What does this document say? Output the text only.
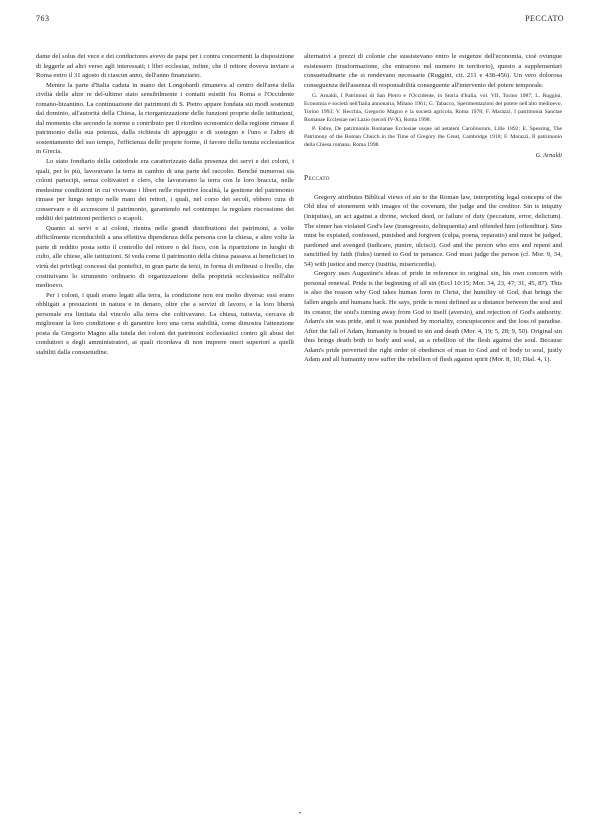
763	PECCATO

dame del solus dei vece e dei conductores avevo de papa per i contra concernenti la disposizione di leggerle ad altri verso agli interessati; i libri ecclesiae, infine, che il rettore doveva inviare a Roma entro il 31 agosto di ciascun anno, dell'anno finanziario.

Mentre la parte d'Italia caduta in mano dei Longobardi rimaneva al centro dell'area della civiltà delle altre re del-ultimo stato sensibilmente i contatti esistiti fra Roma e l'Occidente romano-bizantino. La continuazione dei patrimoni di S. Pietro appare fondata sui modi sostenuti dal dominio, all'autorità della Chiesa, la riorganizzazione delle funzioni proprie delle istituzioni, dal momento che secondo le norme e contributo per il riordino economico della regione rimase il patrimonio della sua potenza, dalla richiesta di appoggio e di sostegno e l'uno e l'altro di sostentamento del suo tempo, l'efficienza delle proprie forme, il favore della tenuta ecclesiastica in Grecia.

Lo stato fondiario della cattedrale era caratterizzato dalla presenza dei servi e dei coloni, i quali, per lo più, lavoravano la terra in cambio di una parte del raccolto. Benché numerosi sia coloni partecipi, senza coltivatori e clero, che lavoravano la terra con le loro braccia, nelle medesime condizioni in cui vivevano i liberi nelle rispettive località, la gestione del patrimonio rimase per lungo tempo nelle mani dei rettori, i quali, nel corso dei secoli, ebbero cura di conservare e di accrescere il patrimonio, garantendo nel contempo la regolare riscossione dei redditi dei patrimoni periferici o scapoli.

Quanto ai servi e ai coloni, rientra nelle grandi distribuzioni dei patrimoni, a volte difficilmente riconducibili a una effettiva dipendenza della persona con la chiesa, e altre volte la parte di reddito posta sotto il controllo del rettore o del fisco, con la ripartizione in luoghi di culto, alle chiese, alle istituzioni. Si veda come il patrimonio della chiesa passava ai beneficiari in virtù dei privilegi concessi dai pontefici, in gran parte da terzi, in forma di enfiteusi o livello, che costituivano lo strumento ordinario di organizzazione della proprietà ecclesiastica nell'alto medioevo.

Per i coloni, i quali erano legati alla terra, la condizione non era molto diversa: essi erano obbligati a prestazioni in natura e in denaro, oltre che a servizi di lavoro, e la loro libertà personale era limitata dal vincolo alla terra che coltivavano. La chiesa, tuttavia, cercava di migliorare la loro condizione e di garantire loro una certa stabilità, come dimostra l'attenzione posta da Gregorio Magno alla tutela dei coloni dei patrimoni ecclesiastici contro gli abusi dei conduttori e degli amministratori, ai quali ricordava di non imporre oneri superiori a quelli stabiliti dalla consuetudine.

alternativi a prezzi di colonie che sussistevano entro le esigenze dell'economia, cioè ovunque esistessero (trasformazione, che entrarono nel numero in territorio), questo a supplementari consuetudinarie che si rendevano necessarie (Ruggini, cit. 211 e 438-456). Un vero dolorosa conseguenza dell'assenza di responsabilità conseguente all'intervento del potere temporale.

G. Arnaldi, I Patrimoni di San Pietro e l'Occidente, in Storia d'Italia, vol. VII, Torino 1987; L. Ruggini, Economia e società nell'Italia annonaria, Milano 1961; G. Tabacco, Sperimentazioni del potere nell'alto medioevo, Torino 1993; V. Recchia, Gregorio Magno e la società agricola, Roma 1978; F. Marazzi, I patrimonia Sanctae Romanae Ecclesiae nel Lazio (secoli IV-X), Roma 1998.

P. Fabre, De patrimoniis Romanae Ecclesiae usque ad aetatem Carolinorum, Lille 1892; E. Spearing, The Patrimony of the Roman Church in the Time of Gregory the Great, Cambridge 1918; F. Marazzi, Il patrimonio della Chiesa romana, Roma 1998.

G. Arnaldi
Peccato

Gregory attributes Biblical views of sin to the Roman law, interpreting legal concepts of the Old idea of atonement with images of the covenant, the judge and the creditor. Sin is iniquity (iniquitas), an act against a divine, wicked deed, or failure of duty (peccatum, error, delictum). The sinner has violated God's law (transgressio, delinquentia) and offended him (offenditur). Sins must be expiated, confessed, punished and forgiven (culpa, poena, reparatio) and must be judged, pardoned and avenged (iudicare, punire, ulcisci). God and the person who errs and repent and sanctified by faith (fides) turned to God in penance. God must judge the person (cf. Mor. 9, 34, 54) with justice and mercy (iustitia, misericordia).

Gregory uses Augustine's ideas of pride in reference to original sin, his own concern with personal renewal. Pride is the beginning of all sin (Eccl 10:15; Mor. 34, 23, 47; 31, 45, 87). This is also the reason why God takes human form in Christ, the humility of God, that brings the fallen angels and humans back. He says, pride is most defined as a distance between the soul and its creator, the soul's turning away from God to itself (aversio), and rejection of God's authority. Adam's sin was pride, and it was punished by mortality, concupiscence and the loss of paradise. After the fall of Adam, humanity is bound to sin and death (Mor. 4, 19; 5, 28; 9, 50). Original sin thus brings death both to body and soul, as a rebellion of the flesh against the soul. Because Adam's pride perverted the right order of obedience of man to God and of body to soul, justly Adam and all humanity now suffer the rebellion of flesh against spirit (Mor. 8, 10; Dial. 4, 1).

•
